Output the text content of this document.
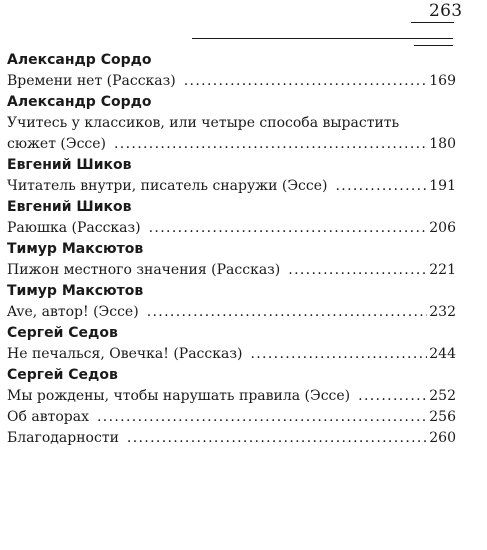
263
Александр Сордо
Времени нет (Рассказ) . . .	169
Александр Сордо
Учитесь у классиков, или четыре способа вырастить
сюжет (Эссе) . . .	180
Евгений Шиков
Читатель внутри, писатель снаружи (Эссе) . . .	191
Евгений Шиков
Раюшка (Рассказ) . . .	206
Тимур Максютов
Пижон местного значения (Рассказ) . . .	221
Тимур Максютов
Ave, автор! (Эссе) . . .	232
Сергей Седов
Не печалься, Овечка! (Рассказ) . . .	244
Сергей Седов
Мы рождены, чтобы нарушать правила (Эссе) . . .	252
Об авторах . . .	256
Благодарности . . .	260
